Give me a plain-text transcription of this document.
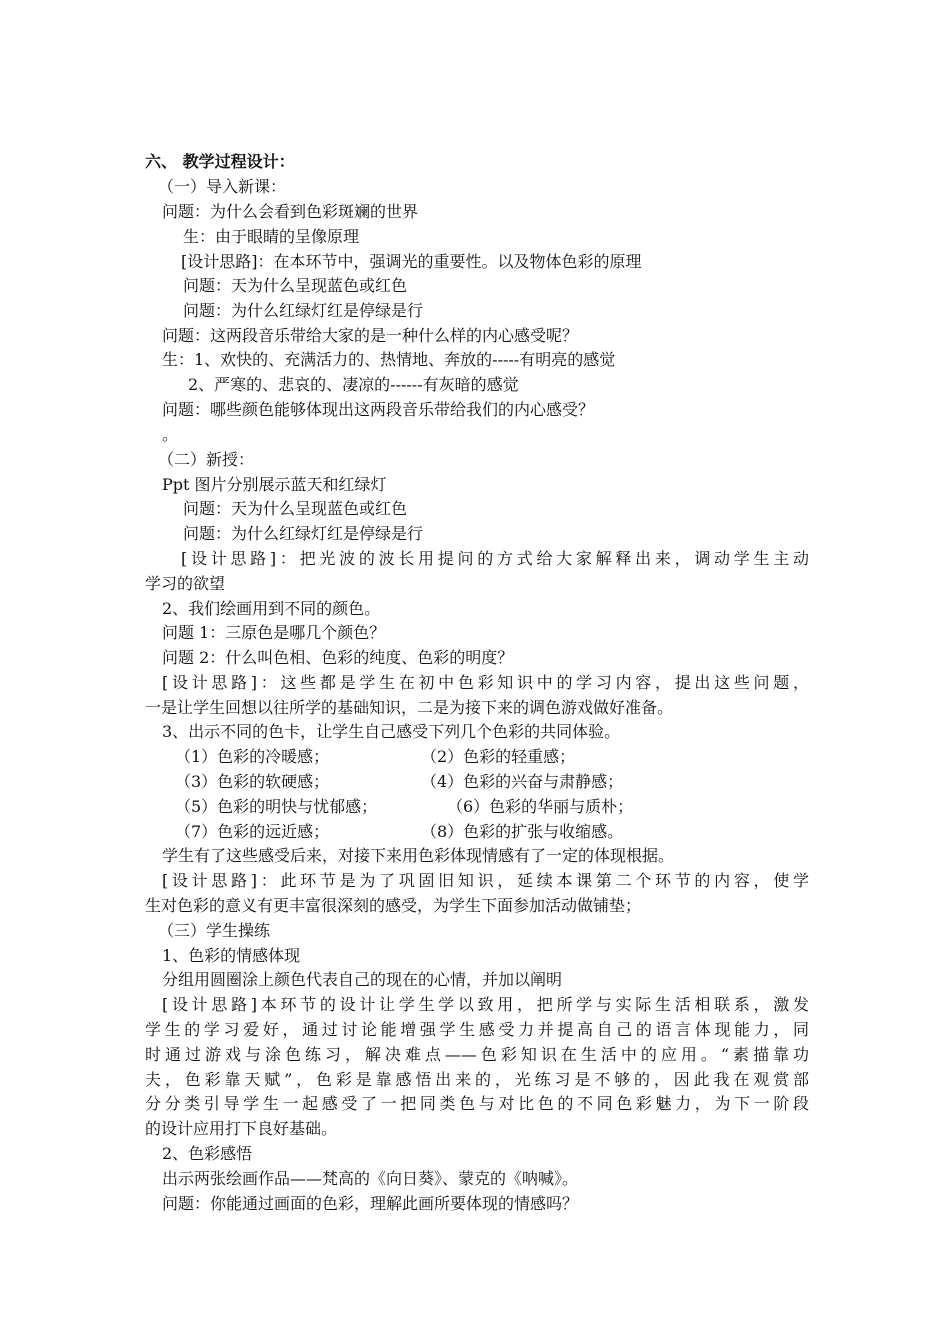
六、 教学过程设计：
（一）导入新课：
问题：为什么会看到色彩斑斓的世界
生：由于眼睛的呈像原理
[设计思路]：在本环节中，强调光的重要性。以及物体色彩的原理
问题：天为什么呈现蓝色或红色
问题：为什么红绿灯红是停绿是行
问题：这两段音乐带给大家的是一种什么样的内心感受呢？
生：1、欢快的、充满活力的、热情地、奔放的-----有明亮的感觉
2、严寒的、悲哀的、凄凉的------有灰暗的感觉
问题：哪些颜色能够体现出这两段音乐带给我们的内心感受？
。
（二）新授：
Ppt 图片分别展示蓝天和红绿灯
问题：天为什么呈现蓝色或红色
问题：为什么红绿灯红是停绿是行
[设计思路]：把光波的波长用提问的方式给大家解释出来，调动学生主动
学习的欲望
2、我们绘画用到不同的颜色。
问题 1：三原色是哪几个颜色？
问题 2：什么叫色相、色彩的纯度、色彩的明度？
[设计思路]：这些都是学生在初中色彩知识中的学习内容，提出这些问题，
一是让学生回想以往所学的基础知识，二是为接下来的调色游戏做好准备。
3、出示不同的色卡，让学生自己感受下列几个色彩的共同体验。
（1）色彩的冷暖感；	（2）色彩的轻重感；
（3）色彩的软硬感；	（4）色彩的兴奋与肃静感；
（5）色彩的明快与忧郁感；	（6）色彩的华丽与质朴；
（7）色彩的远近感；	（8）色彩的扩张与收缩感。
学生有了这些感受后来，对接下来用色彩体现情感有了一定的体现根据。
[设计思路]：此环节是为了巩固旧知识，延续本课第二个环节的内容，使学
生对色彩的意义有更丰富很深刻的感受，为学生下面参加活动做铺垫；
（三）学生操练
1、色彩的情感体现
分组用圆圈涂上颜色代表自己的现在的心情，并加以阐明
[设计思路]本环节的设计让学生学以致用，把所学与实际生活相联系，激发
学生的学习爱好，通过讨论能增强学生感受力并提高自己的语言体现能力，同
时通过游戏与涂色练习，解决难点——色彩知识在生活中的应用。“素描靠功
夫，色彩靠天赋”，色彩是靠感悟出来的，光练习是不够的，因此我在观赏部
分分类引导学生一起感受了一把同类色与对比色的不同色彩魅力，为下一阶段
的设计应用打下良好基础。
2、色彩感悟
出示两张绘画作品——梵高的《向日葵》、蒙克的《呐喊》。
问题：你能通过画面的色彩，理解此画所要体现的情感吗？
